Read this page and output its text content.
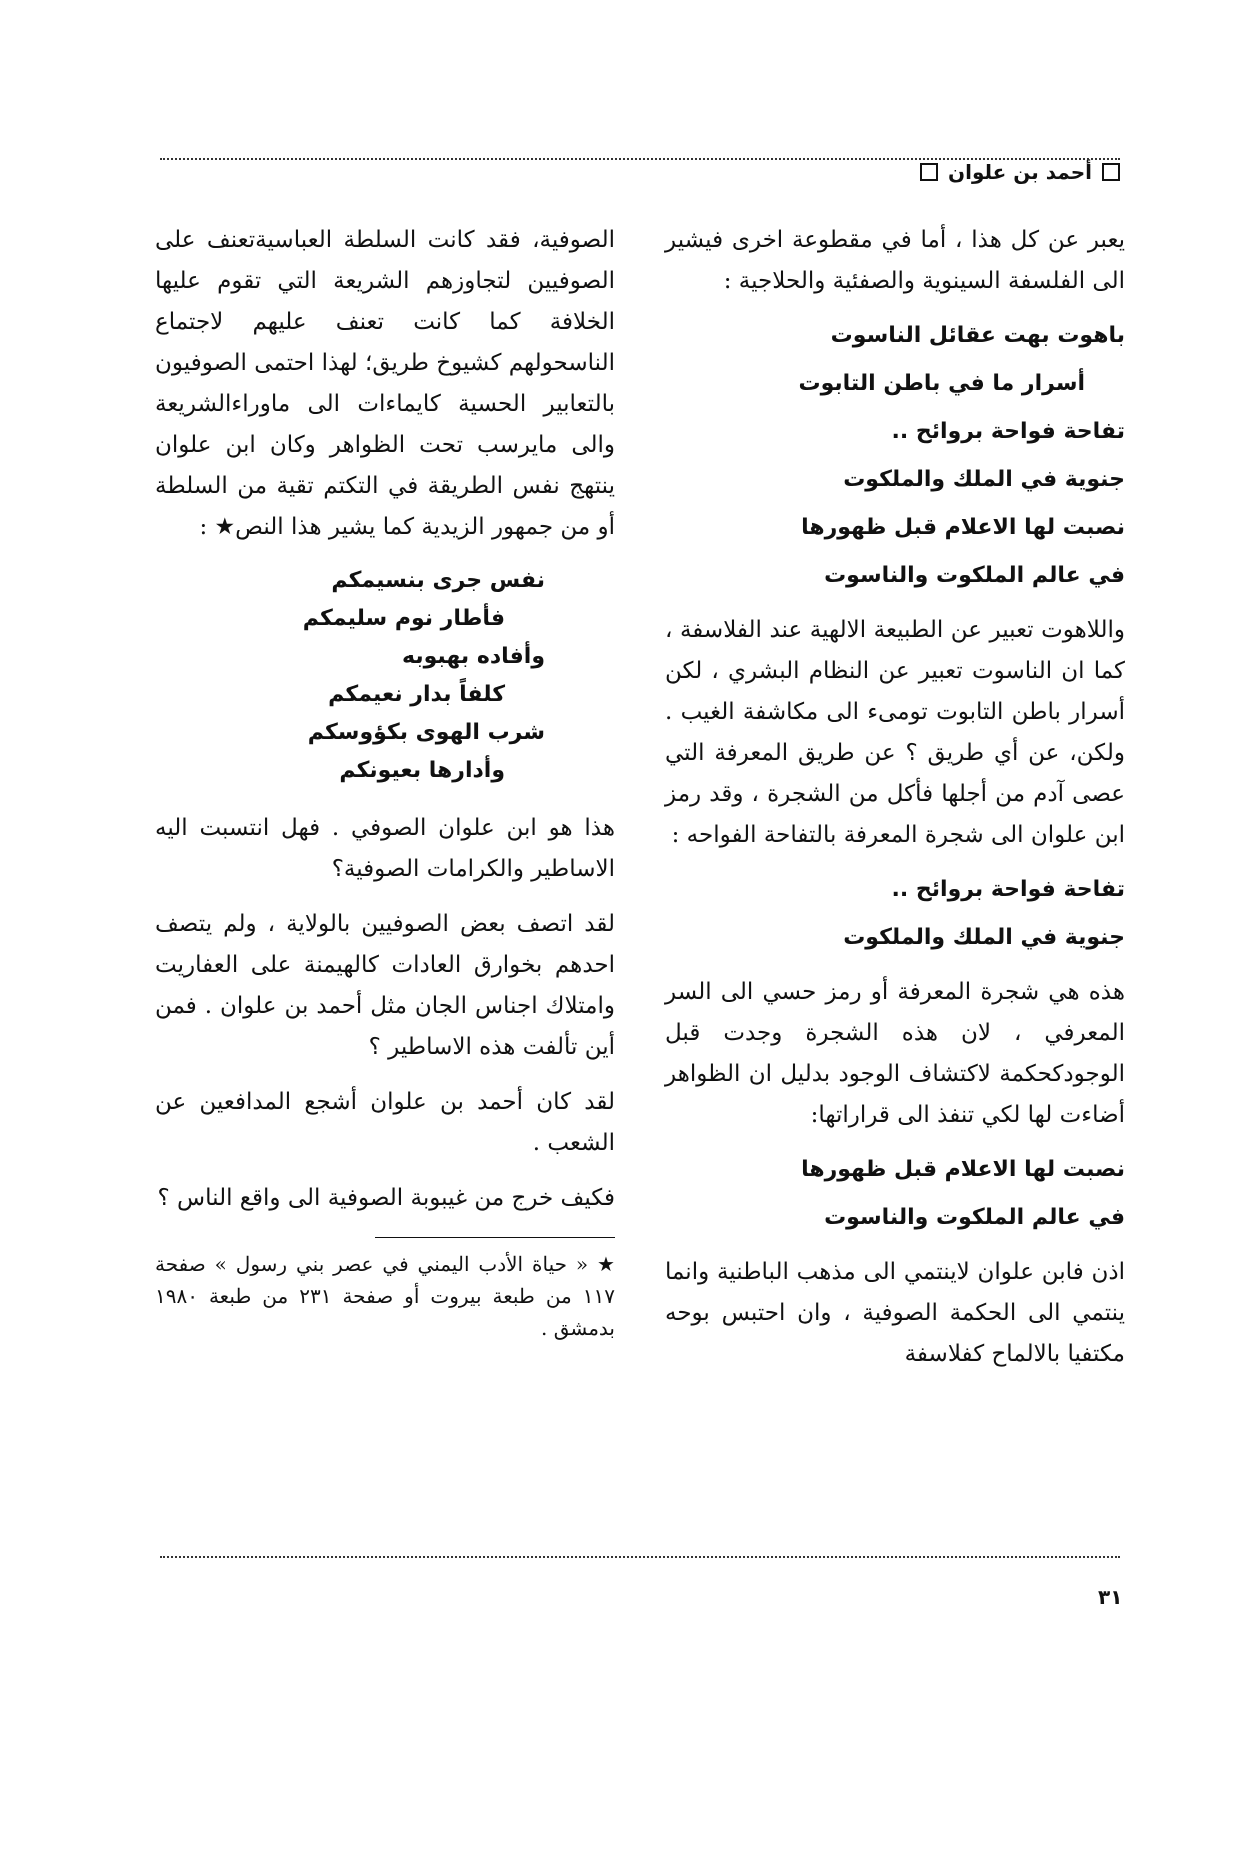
أحمد بن علوان

يعبر عن كل هذا ، أما في مقطوعة اخرى فيشير الى الفلسفة السينوية والصفئية والحلاجية :

باهوت بهت عقائل الناسوت
أسرار ما في باطن التابوت
تفاحة فواحة بروائح ..
جنوية في الملك والملكوت
نصبت لها الاعلام قبل ظهورها
في عالم الملكوت والناسوت

واللاهوت تعبير عن الطبيعة الالهية عند الفلاسفة ، كما ان الناسوت تعبير عن النظام البشري ، لكن أسرار باطن التابوت تومىء الى مكاشفة الغيب . ولكن، عن أي طريق ؟ عن طريق المعرفة التي عصى آدم من أجلها فأكل من الشجرة ، وقد رمز ابن علوان الى شجرة المعرفة بالتفاحة الفواحه :

تفاحة فواحة بروائح ..
جنوية في الملك والملكوت

هذه هي شجرة المعرفة أو رمز حسي الى السر المعرفي ، لان هذه الشجرة وجدت قبل الوجودكحكمة لاكتشاف الوجود بدليل ان الظواهر أضاءت لها لكي تنفذ الى قراراتها:

نصبت لها الاعلام قبل ظهورها
في عالم الملكوت والناسوت

اذن فابن علوان لاينتمي الى مذهب الباطنية وانما ينتمي الى الحكمة الصوفية ، وان احتبس بوحه مكتفيا بالالماح كفلاسفة

الصوفية، فقد كانت السلطة العباسيةتعنف على الصوفيين لتجاوزهم الشريعة التي تقوم عليها الخلافة كما كانت تعنف عليهم لاجتماع الناسحولهم كشيوخ طريق؛ لهذا احتمى الصوفيون بالتعابير الحسية كايماءات الى ماوراءالشريعة والى مايرسب تحت الظواهر وكان ابن علوان ينتهج نفس الطريقة في التكتم تقية من السلطة أو من جمهور الزيدية كما يشير هذا النص★ :

نفس جرى بنسيمكم
فأطار نوم سليمكم
وأفاده بهبوبه
كلفاً بدار نعيمكم
شرب الهوى بكؤوسكم
وأدارها بعيونكم

هذا هو ابن علوان الصوفي . فهل انتسبت اليه الاساطير والكرامات الصوفية؟

لقد اتصف بعض الصوفيين بالولاية ، ولم يتصف احدهم بخوارق العادات كالهيمنة على العفاريت وامتلاك اجناس الجان مثل أحمد بن علوان . فمن أين تألفت هذه الاساطير ؟

لقد كان أحمد بن علوان أشجع المدافعين عن الشعب .

فكيف خرج من غيبوبة الصوفية الى واقع الناس ؟

★ « حياة الأدب اليمني في عصر بني رسول » صفحة ١١٧ من طبعة بيروت أو صفحة ٢٣١ من طبعة ١٩٨٠ بدمشق .
٣١
